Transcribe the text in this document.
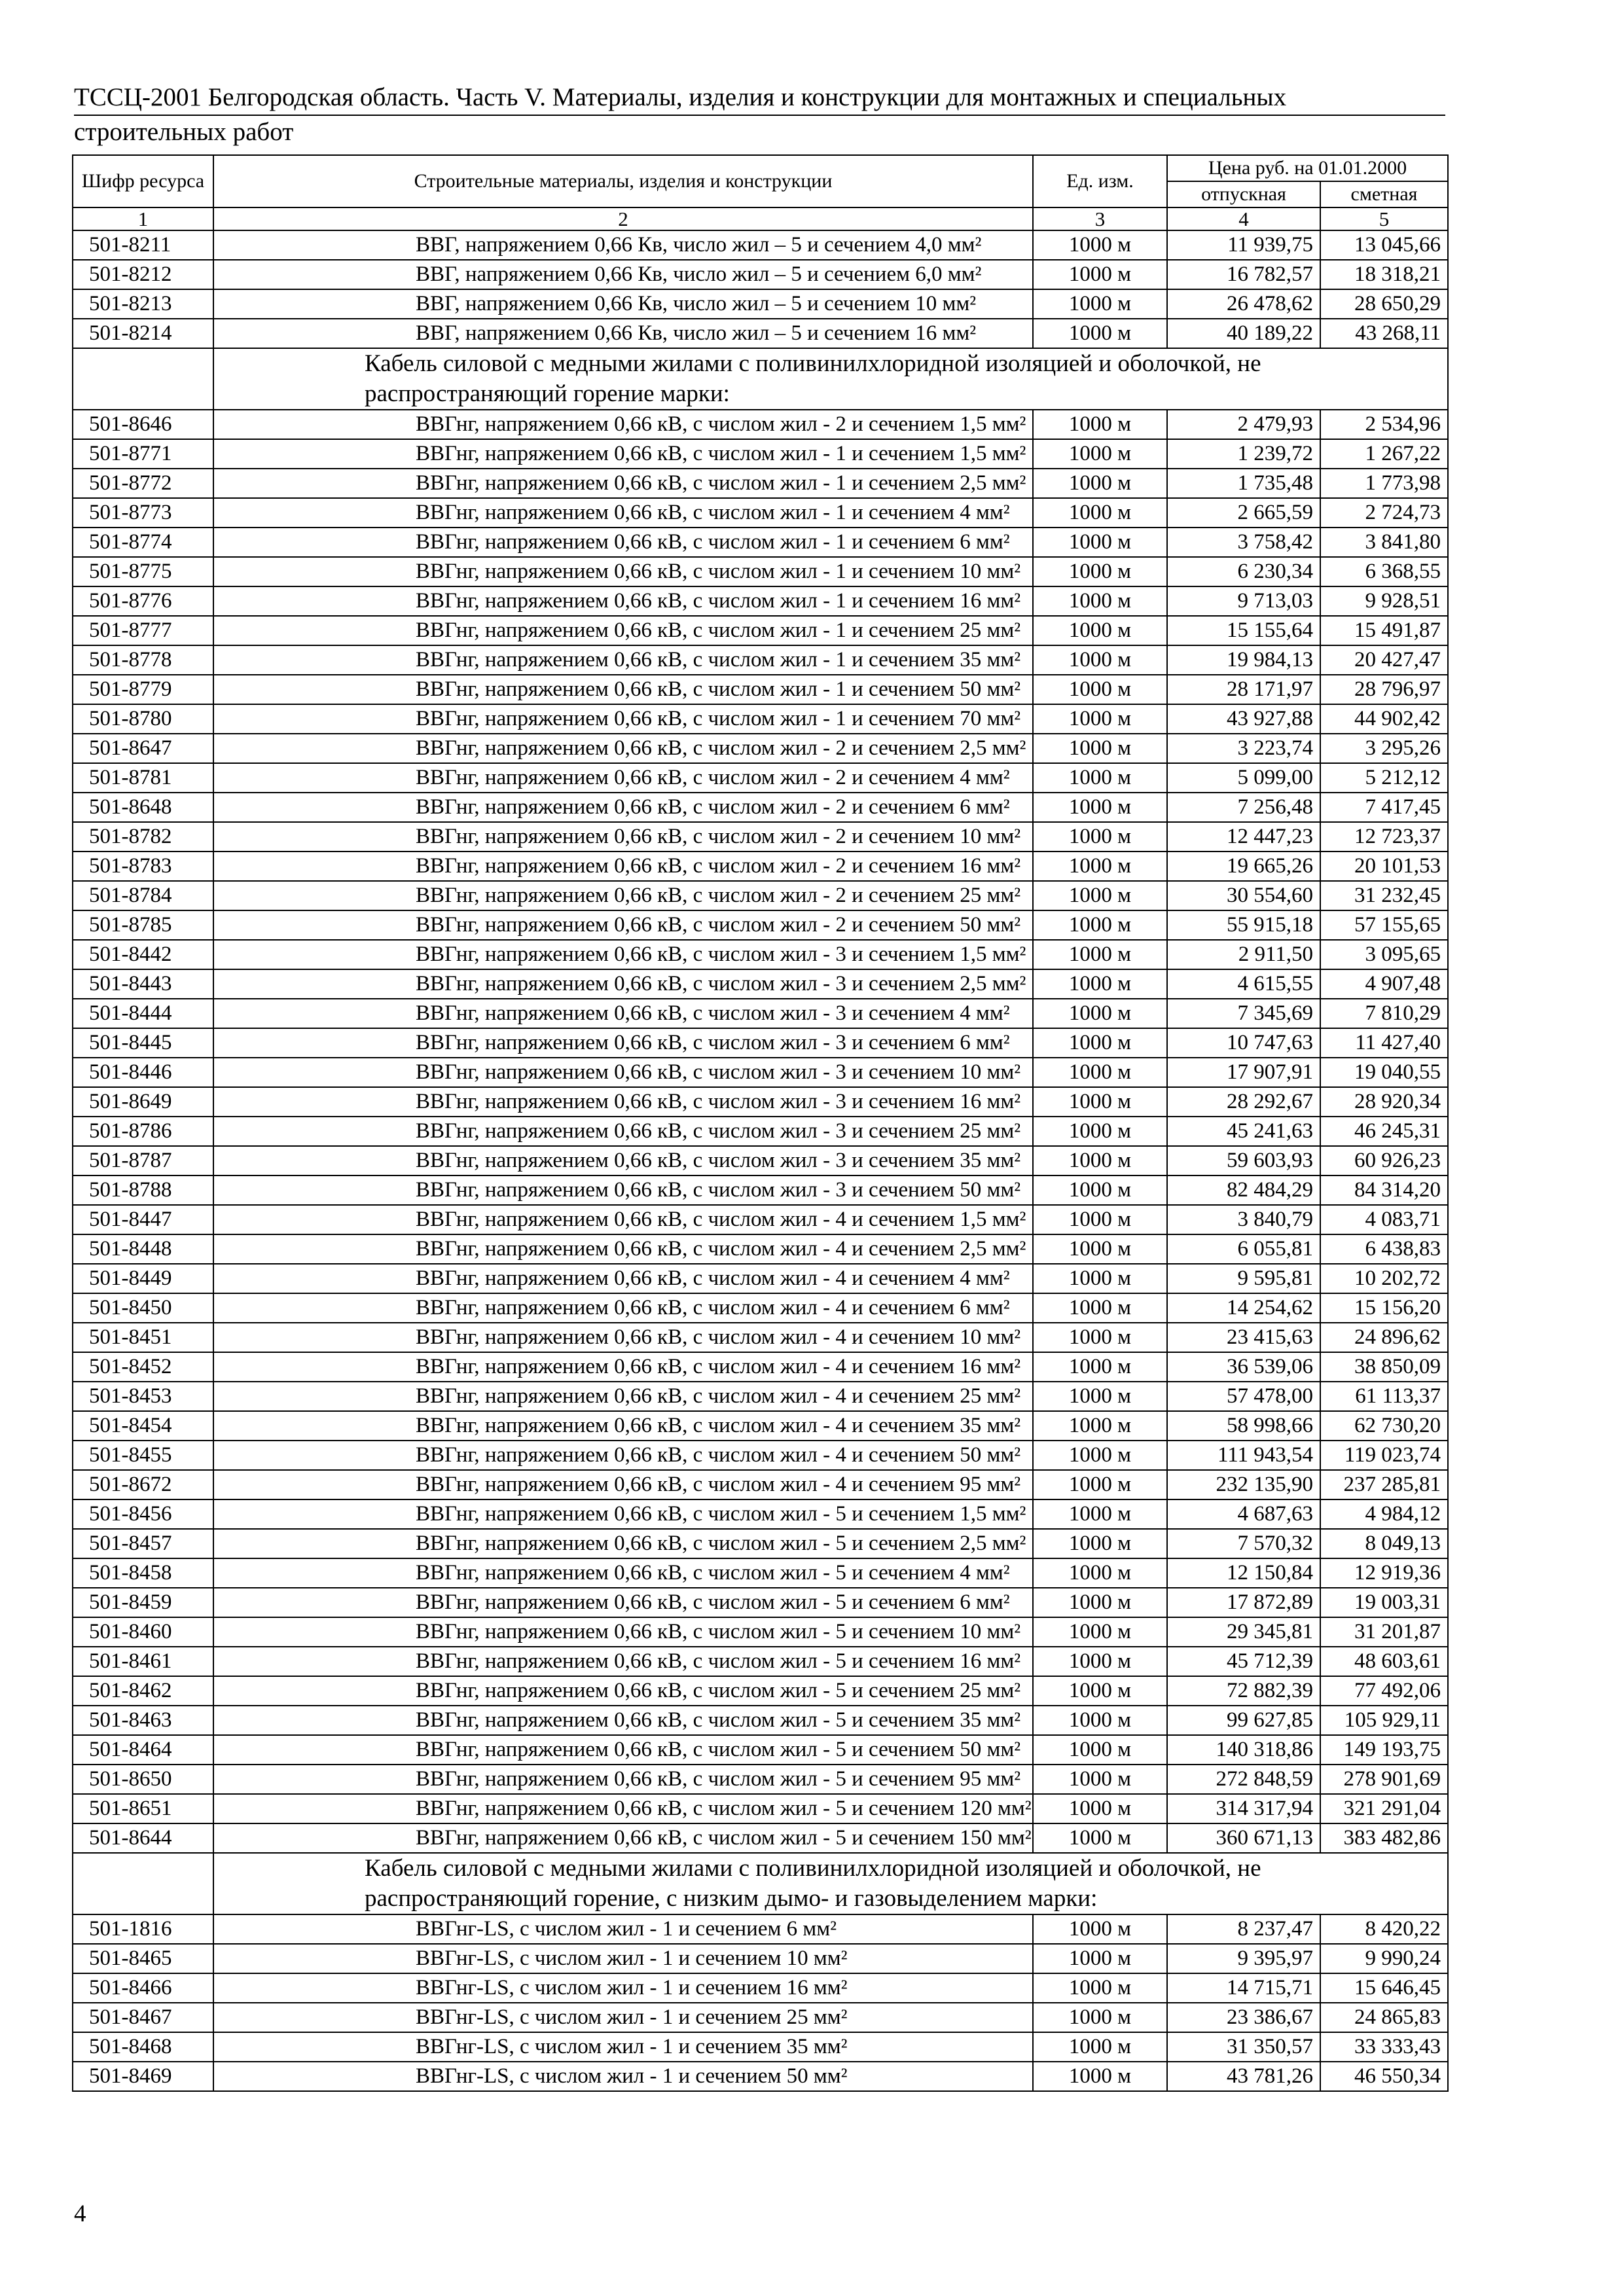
ТССЦ-2001 Белгородская область. Часть V. Материалы, изделия и конструкции для монтажных и специальных
строительных работ
Шифр ресурса	Строительные материалы, изделия и конструкции	Ед. изм.	Цена руб. на 01.01.2000	
			отпускная	сметная
1	2	3	4	5
501-8211	ВВГ, напряжением 0,66 Кв, число жил – 5 и сечением 4,0 мм²	1000 м	11 939,75	13 045,66
501-8212	ВВГ, напряжением 0,66 Кв, число жил – 5 и сечением 6,0 мм²	1000 м	16 782,57	18 318,21
501-8213	ВВГ, напряжением 0,66 Кв, число жил – 5 и сечением 10 мм²	1000 м	26 478,62	28 650,29
501-8214	ВВГ, напряжением 0,66 Кв, число жил – 5 и сечением 16 мм²	1000 м	40 189,22	43 268,11
	Кабель силовой с медными жилами с поливинилхлоридной изоляцией и оболочкой, не распространяющий горение марки:			
501-8646	ВВГнг, напряжением 0,66 кВ, с числом жил - 2 и сечением 1,5 мм²	1000 м	2 479,93	2 534,96
501-8771	ВВГнг, напряжением 0,66 кВ, с числом жил - 1 и сечением 1,5 мм²	1000 м	1 239,72	1 267,22
501-8772	ВВГнг, напряжением 0,66 кВ, с числом жил - 1 и сечением 2,5 мм²	1000 м	1 735,48	1 773,98
501-8773	ВВГнг, напряжением 0,66 кВ, с числом жил - 1 и сечением 4 мм²	1000 м	2 665,59	2 724,73
501-8774	ВВГнг, напряжением 0,66 кВ, с числом жил - 1 и сечением 6 мм²	1000 м	3 758,42	3 841,80
501-8775	ВВГнг, напряжением 0,66 кВ, с числом жил - 1 и сечением 10 мм²	1000 м	6 230,34	6 368,55
501-8776	ВВГнг, напряжением 0,66 кВ, с числом жил - 1 и сечением 16 мм²	1000 м	9 713,03	9 928,51
501-8777	ВВГнг, напряжением 0,66 кВ, с числом жил - 1 и сечением 25 мм²	1000 м	15 155,64	15 491,87
501-8778	ВВГнг, напряжением 0,66 кВ, с числом жил - 1 и сечением 35 мм²	1000 м	19 984,13	20 427,47
501-8779	ВВГнг, напряжением 0,66 кВ, с числом жил - 1 и сечением 50 мм²	1000 м	28 171,97	28 796,97
501-8780	ВВГнг, напряжением 0,66 кВ, с числом жил - 1 и сечением 70 мм²	1000 м	43 927,88	44 902,42
501-8647	ВВГнг, напряжением 0,66 кВ, с числом жил - 2 и сечением 2,5 мм²	1000 м	3 223,74	3 295,26
501-8781	ВВГнг, напряжением 0,66 кВ, с числом жил - 2 и сечением 4 мм²	1000 м	5 099,00	5 212,12
501-8648	ВВГнг, напряжением 0,66 кВ, с числом жил - 2 и сечением 6 мм²	1000 м	7 256,48	7 417,45
501-8782	ВВГнг, напряжением 0,66 кВ, с числом жил - 2 и сечением 10 мм²	1000 м	12 447,23	12 723,37
501-8783	ВВГнг, напряжением 0,66 кВ, с числом жил - 2 и сечением 16 мм²	1000 м	19 665,26	20 101,53
501-8784	ВВГнг, напряжением 0,66 кВ, с числом жил - 2 и сечением 25 мм²	1000 м	30 554,60	31 232,45
501-8785	ВВГнг, напряжением 0,66 кВ, с числом жил - 2 и сечением 50 мм²	1000 м	55 915,18	57 155,65
501-8442	ВВГнг, напряжением 0,66 кВ, с числом жил - 3 и сечением 1,5 мм²	1000 м	2 911,50	3 095,65
501-8443	ВВГнг, напряжением 0,66 кВ, с числом жил - 3 и сечением 2,5 мм²	1000 м	4 615,55	4 907,48
501-8444	ВВГнг, напряжением 0,66 кВ, с числом жил - 3 и сечением 4 мм²	1000 м	7 345,69	7 810,29
501-8445	ВВГнг, напряжением 0,66 кВ, с числом жил - 3 и сечением 6 мм²	1000 м	10 747,63	11 427,40
501-8446	ВВГнг, напряжением 0,66 кВ, с числом жил - 3 и сечением 10 мм²	1000 м	17 907,91	19 040,55
501-8649	ВВГнг, напряжением 0,66 кВ, с числом жил - 3 и сечением 16 мм²	1000 м	28 292,67	28 920,34
501-8786	ВВГнг, напряжением 0,66 кВ, с числом жил - 3 и сечением 25 мм²	1000 м	45 241,63	46 245,31
501-8787	ВВГнг, напряжением 0,66 кВ, с числом жил - 3 и сечением 35 мм²	1000 м	59 603,93	60 926,23
501-8788	ВВГнг, напряжением 0,66 кВ, с числом жил - 3 и сечением 50 мм²	1000 м	82 484,29	84 314,20
501-8447	ВВГнг, напряжением 0,66 кВ, с числом жил - 4 и сечением 1,5 мм²	1000 м	3 840,79	4 083,71
501-8448	ВВГнг, напряжением 0,66 кВ, с числом жил - 4 и сечением 2,5 мм²	1000 м	6 055,81	6 438,83
501-8449	ВВГнг, напряжением 0,66 кВ, с числом жил - 4 и сечением 4 мм²	1000 м	9 595,81	10 202,72
501-8450	ВВГнг, напряжением 0,66 кВ, с числом жил - 4 и сечением 6 мм²	1000 м	14 254,62	15 156,20
501-8451	ВВГнг, напряжением 0,66 кВ, с числом жил - 4 и сечением 10 мм²	1000 м	23 415,63	24 896,62
501-8452	ВВГнг, напряжением 0,66 кВ, с числом жил - 4 и сечением 16 мм²	1000 м	36 539,06	38 850,09
501-8453	ВВГнг, напряжением 0,66 кВ, с числом жил - 4 и сечением 25 мм²	1000 м	57 478,00	61 113,37
501-8454	ВВГнг, напряжением 0,66 кВ, с числом жил - 4 и сечением 35 мм²	1000 м	58 998,66	62 730,20
501-8455	ВВГнг, напряжением 0,66 кВ, с числом жил - 4 и сечением 50 мм²	1000 м	111 943,54	119 023,74
501-8672	ВВГнг, напряжением 0,66 кВ, с числом жил - 4 и сечением 95 мм²	1000 м	232 135,90	237 285,81
501-8456	ВВГнг, напряжением 0,66 кВ, с числом жил - 5 и сечением 1,5 мм²	1000 м	4 687,63	4 984,12
501-8457	ВВГнг, напряжением 0,66 кВ, с числом жил - 5 и сечением 2,5 мм²	1000 м	7 570,32	8 049,13
501-8458	ВВГнг, напряжением 0,66 кВ, с числом жил - 5 и сечением 4 мм²	1000 м	12 150,84	12 919,36
501-8459	ВВГнг, напряжением 0,66 кВ, с числом жил - 5 и сечением 6 мм²	1000 м	17 872,89	19 003,31
501-8460	ВВГнг, напряжением 0,66 кВ, с числом жил - 5 и сечением 10 мм²	1000 м	29 345,81	31 201,87
501-8461	ВВГнг, напряжением 0,66 кВ, с числом жил - 5 и сечением 16 мм²	1000 м	45 712,39	48 603,61
501-8462	ВВГнг, напряжением 0,66 кВ, с числом жил - 5 и сечением 25 мм²	1000 м	72 882,39	77 492,06
501-8463	ВВГнг, напряжением 0,66 кВ, с числом жил - 5 и сечением 35 мм²	1000 м	99 627,85	105 929,11
501-8464	ВВГнг, напряжением 0,66 кВ, с числом жил - 5 и сечением 50 мм²	1000 м	140 318,86	149 193,75
501-8650	ВВГнг, напряжением 0,66 кВ, с числом жил - 5 и сечением 95 мм²	1000 м	272 848,59	278 901,69
501-8651	ВВГнг, напряжением 0,66 кВ, с числом жил - 5 и сечением 120 мм²	1000 м	314 317,94	321 291,04
501-8644	ВВГнг, напряжением 0,66 кВ, с числом жил - 5 и сечением 150 мм²	1000 м	360 671,13	383 482,86
	Кабель силовой с медными жилами с поливинилхлоридной изоляцией и оболочкой, не распространяющий горение, с низким дымо- и газовыделением марки:			
501-1816	ВВГнг-LS, с числом жил - 1 и сечением 6 мм²	1000 м	8 237,47	8 420,22
501-8465	ВВГнг-LS, с числом жил - 1 и сечением 10 мм²	1000 м	9 395,97	9 990,24
501-8466	ВВГнг-LS, с числом жил - 1 и сечением 16 мм²	1000 м	14 715,71	15 646,45
501-8467	ВВГнг-LS, с числом жил - 1 и сечением 25 мм²	1000 м	23 386,67	24 865,83
501-8468	ВВГнг-LS, с числом жил - 1 и сечением 35 мм²	1000 м	31 350,57	33 333,43
501-8469	ВВГнг-LS, с числом жил - 1 и сечением 50 мм²	1000 м	43 781,26	46 550,34
4
